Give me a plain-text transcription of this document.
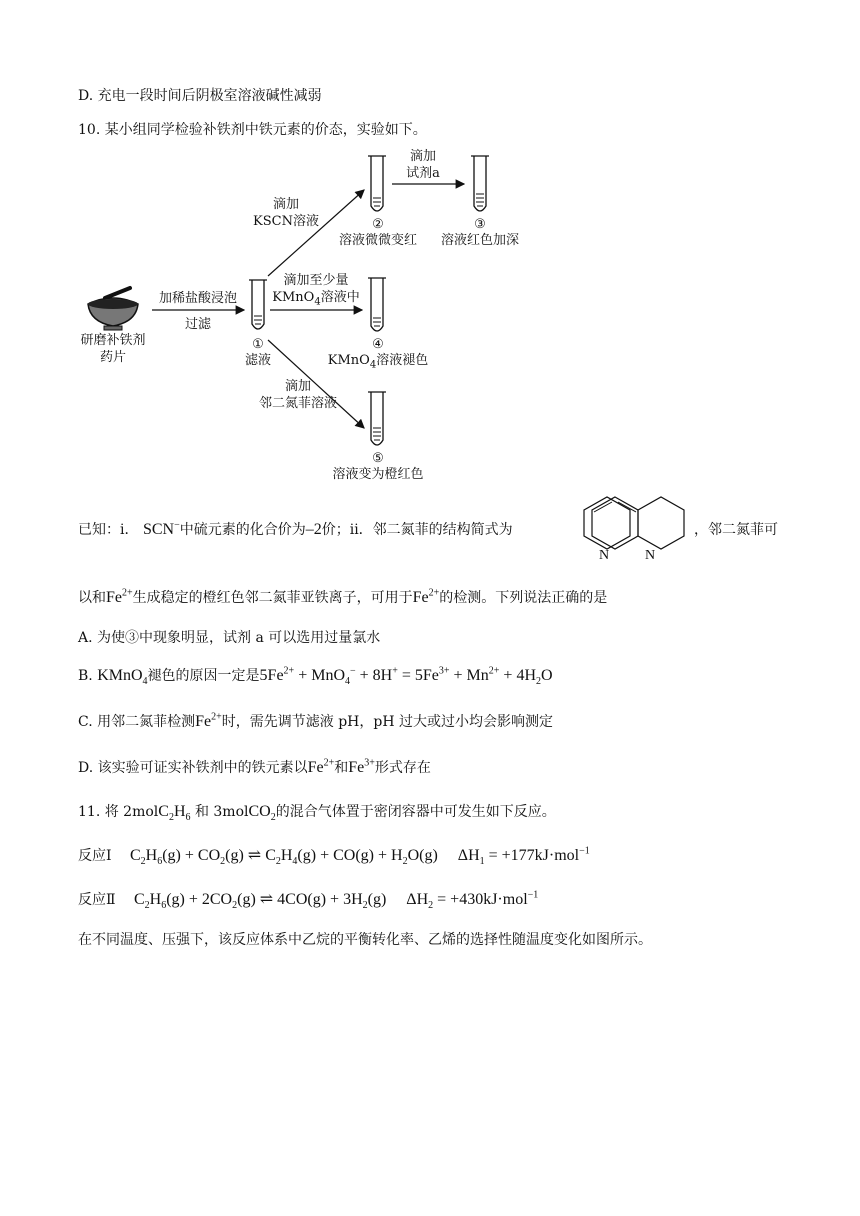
D. 充电一段时间后阴极室溶液碱性减弱
10. 某小组同学检验补铁剂中铁元素的价态，实验如下。
研磨补铁剂
药片
加稀盐酸浸泡
过滤
①
滤液
滴加
KSCN溶液	②
溶液微微变红
滴加
试剂a
③
溶液红色加深
滴加至少量
KMnO$_4$溶液中
④
KMnO$_4$溶液褪色
滴加
邻二氮菲溶液
⑤
溶液变为橙红色
已知：ⅰ． SCN−中硫元素的化合价为–2价；ⅱ．邻二氮菲的结构简式为
N	N
，邻二氮菲可
以和$Fe^{2+}$生成稳定的橙红色邻二氮菲亚铁离子，可用于$Fe^{2+}$的检测。下列说法正确的是
A. 为使③中现象明显，试剂 a 可以选用过量氯水
B. KMnO$_4$褪色的原因一定是$5Fe^{2+} + MnO_4^- + 8H^+ = 5Fe^{3+} + Mn^{2+} + 4H_2O$
C. 用邻二氮菲检测$Fe^{2+}$时，需先调节滤液 pH，pH 过大或过小均会影响测定
D. 该实验可证实补铁剂中的铁元素以$Fe^{2+}$和$Fe^{3+}$形式存在
11. 将 $2molC_2H_6$ 和 3molCO$_2$的混合气体置于密闭容器中可发生如下反应。
反应Ⅰ $C_2H_6(g) + CO_2(g)$ ⇌ $C_2H_4(g) + CO(g) + H_2O(g)$     $\Delta H_1 = +177kJ\cdot mol^{-1}$
反应Ⅱ $C_2H_6(g) + 2CO_2(g)$ ⇌ $4CO(g) + 3H_2(g)$     $\Delta H_2 = +430kJ\cdot mol^{-1}$
在不同温度、压强下，该反应体系中乙烷的平衡转化率、乙烯的选择性随温度变化如图所示。
